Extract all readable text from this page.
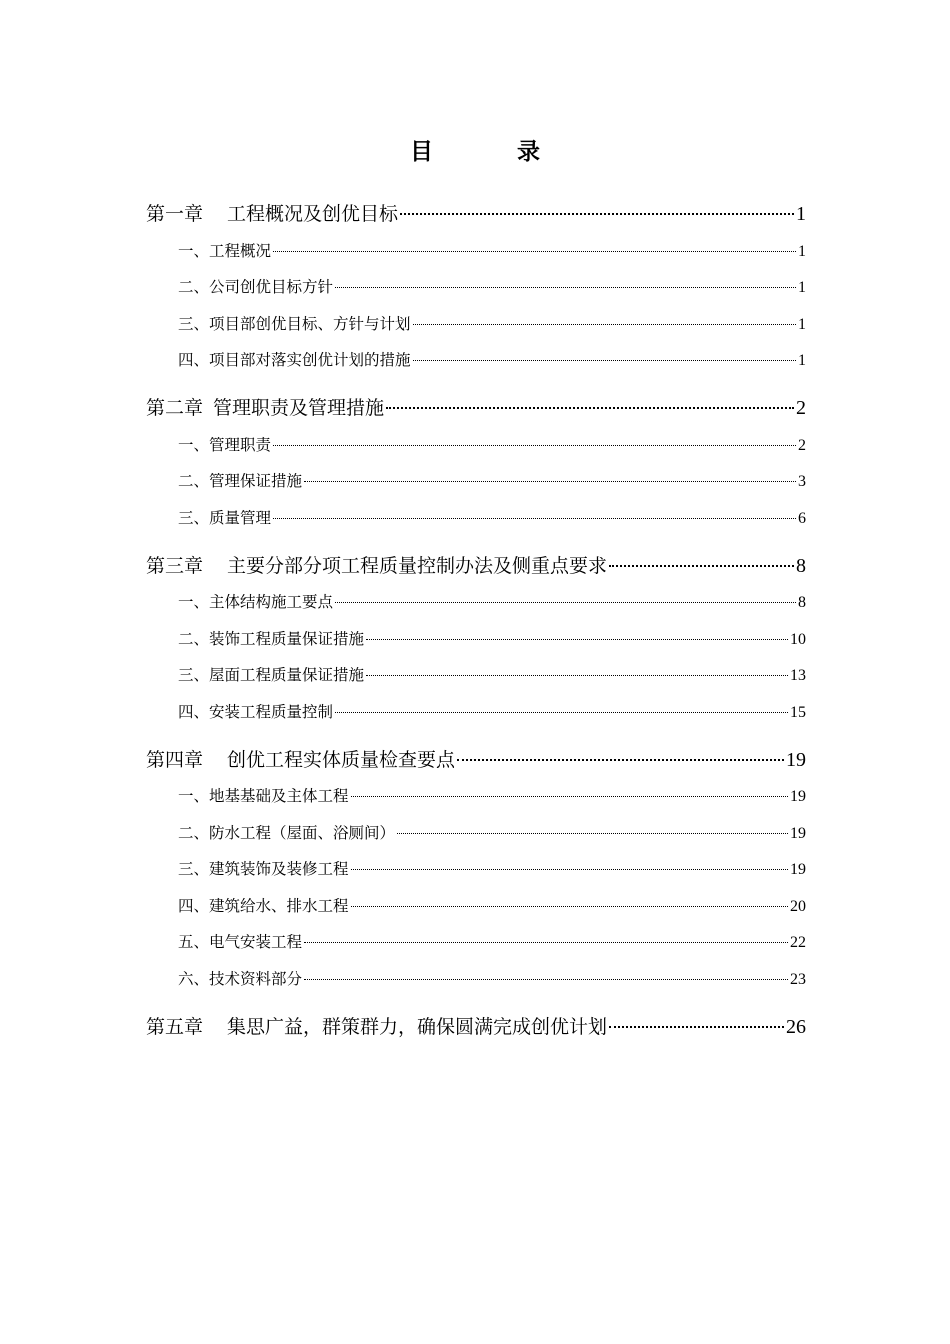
目 录
第一章 工程概况及创优目标	1
一、 工程概况	1
二、 公司创优目标方针	1
三、 项目部创优目标、方针与计划	1
四、 项目部对落实创优计划的措施	1
第二章 管理职责及管理措施	2
一、 管理职责	2
二、 管理保证措施	3
三、 质量管理	6
第三章 主要分部分项工程质量控制办法及侧重点要求	8
一、 主体结构施工要点	8
二、 装饰工程质量保证措施	10
三、 屋面工程质量保证措施	13
四、 安装工程质量控制	15
第四章 创优工程实体质量检查要点	19
一、 地基基础及主体工程	19
二、 防水工程（屋面、浴厕间）	19
三、 建筑装饰及装修工程	19
四、 建筑给水、排水工程	20
五、 电气安装工程	22
六、 技术资料部分	23
第五章 集思广益，群策群力，确保圆满完成创优计划	26
